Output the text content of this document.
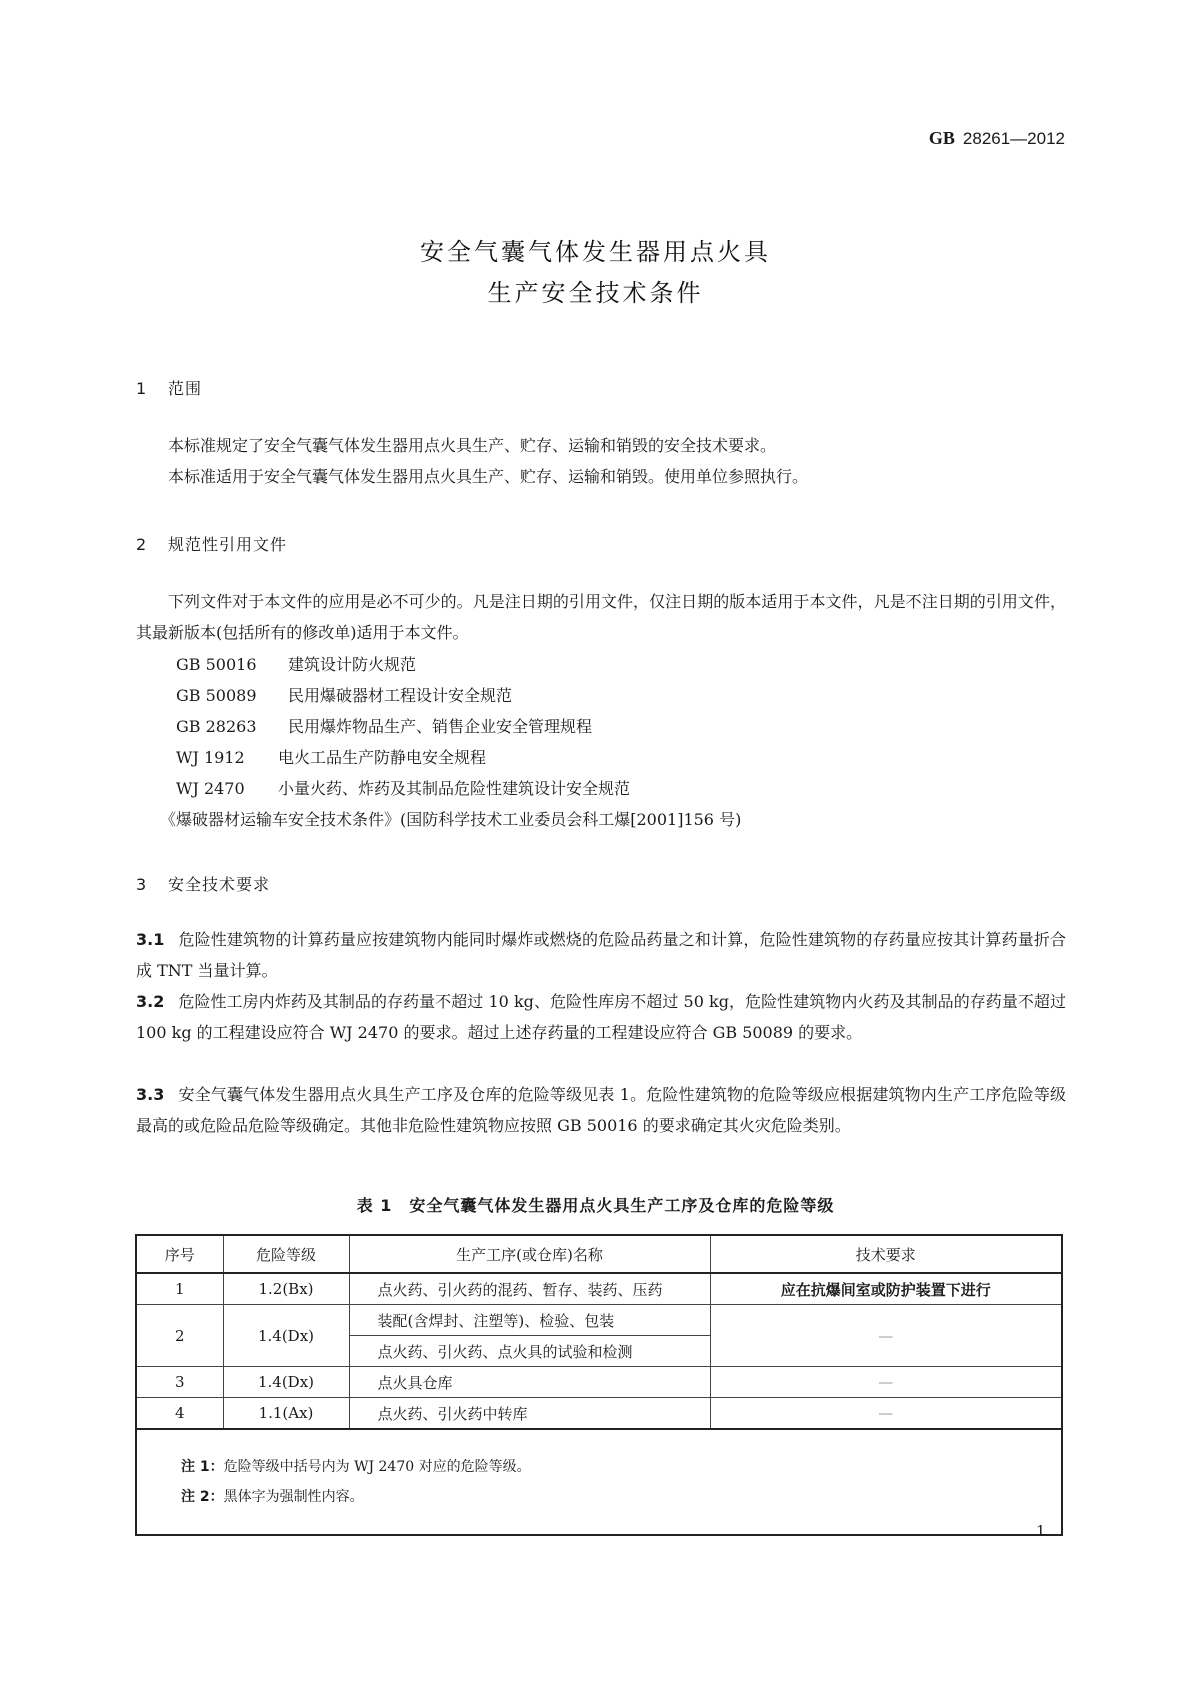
GB 28261—2012
安全气囊气体发生器用点火具
生产安全技术条件
1 范围
本标准规定了安全气囊气体发生器用点火具生产、贮存、运输和销毁的安全技术要求。
本标准适用于安全气囊气体发生器用点火具生产、贮存、运输和销毁。使用单位参照执行。
2 规范性引用文件
下列文件对于本文件的应用是必不可少的。凡是注日期的引用文件，仅注日期的版本适用于本文件，凡是不注日期的引用文件，其最新版本(包括所有的修改单)适用于本文件。
GB 50016 建筑设计防火规范
GB 50089 民用爆破器材工程设计安全规范
GB 28263 民用爆炸物品生产、销售企业安全管理规程
WJ 1912 电火工品生产防静电安全规程
WJ 2470 小量火药、炸药及其制品危险性建筑设计安全规范
《爆破器材运输车安全技术条件》(国防科学技术工业委员会科工爆[2001]156 号)
3 安全技术要求
3.1 危险性建筑物的计算药量应按建筑物内能同时爆炸或燃烧的危险品药量之和计算，危险性建筑物的存药量应按其计算药量折合成 TNT 当量计算。
3.2 危险性工房内炸药及其制品的存药量不超过 10 kg、危险性库房不超过 50 kg，危险性建筑物内火药及其制品的存药量不超过 100 kg 的工程建设应符合 WJ 2470 的要求。超过上述存药量的工程建设应符合 GB 50089 的要求。
3.3 安全气囊气体发生器用点火具生产工序及仓库的危险等级见表 1。危险性建筑物的危险等级应根据建筑物内生产工序危险等级最高的或危险品危险等级确定。其他非危险性建筑物应按照 GB 50016 的要求确定其火灾危险类别。
表 1　安全气囊气体发生器用点火具生产工序及仓库的危险等级
序号	危险等级	生产工序(或仓库)名称	技术要求
1	1.2(Bx)	点火药、引火药的混药、暂存、装药、压药	应在抗爆间室或防护装置下进行
2	1.4(Dx)	装配(含焊封、注塑等)、检验、包装	—
		点火药、引火药、点火具的试验和检测	
3	1.4(Dx)	点火具仓库	—
4	1.1(Ax)	点火药、引火药中转库	—

注 1：危险等级中括号内为 WJ 2470 对应的危险等级。
注 2：黑体字为强制性内容。			
1
